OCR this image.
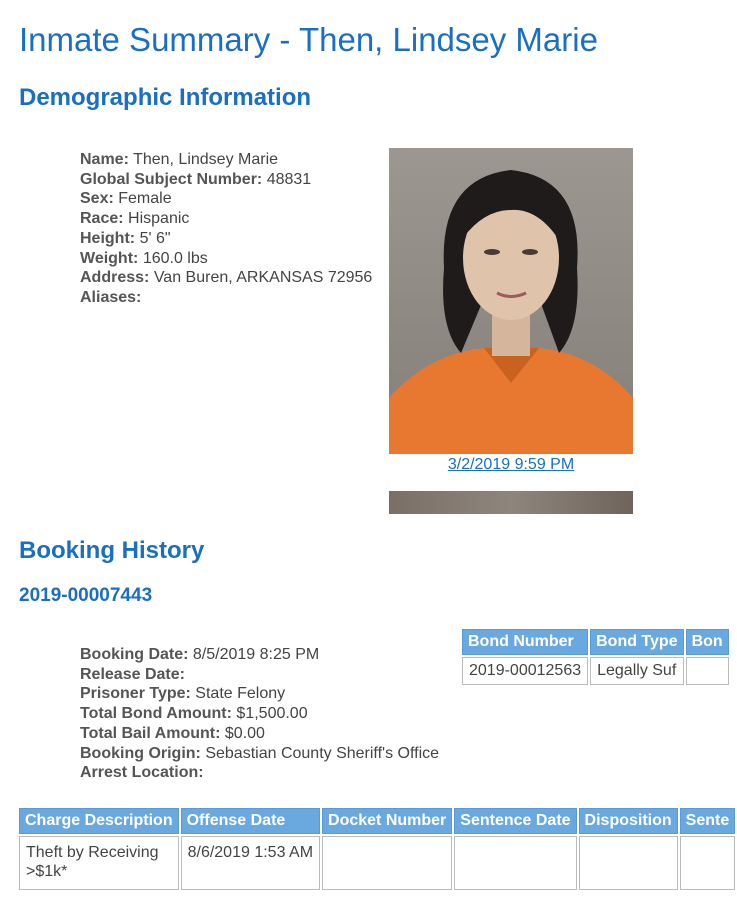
Inmate Summary - Then, Lindsey Marie
Demographic Information
Name: Then, Lindsey Marie
Global Subject Number: 48831
Sex: Female
Race: Hispanic
Height: 5' 6"
Weight: 160.0 lbs
Address: Van Buren, ARKANSAS 72956
Aliases:
3/2/2019 9:59 PM
Booking History
2019-00007443
Booking Date: 8/5/2019 8:25 PM
Release Date:
Prisoner Type: State Felony
Total Bond Amount: $1,500.00
Total Bail Amount: $0.00
Booking Origin: Sebastian County Sheriff's Office
Arrest Location:
Bond Number	Bond Type	Bon
2019-00012563	Legally Suf	
Charge Description	Offense Date	Docket Number	Sentence Date	Disposition	Sente
Theft by Receiving >$1k*	8/6/2019 1:53 AM				
